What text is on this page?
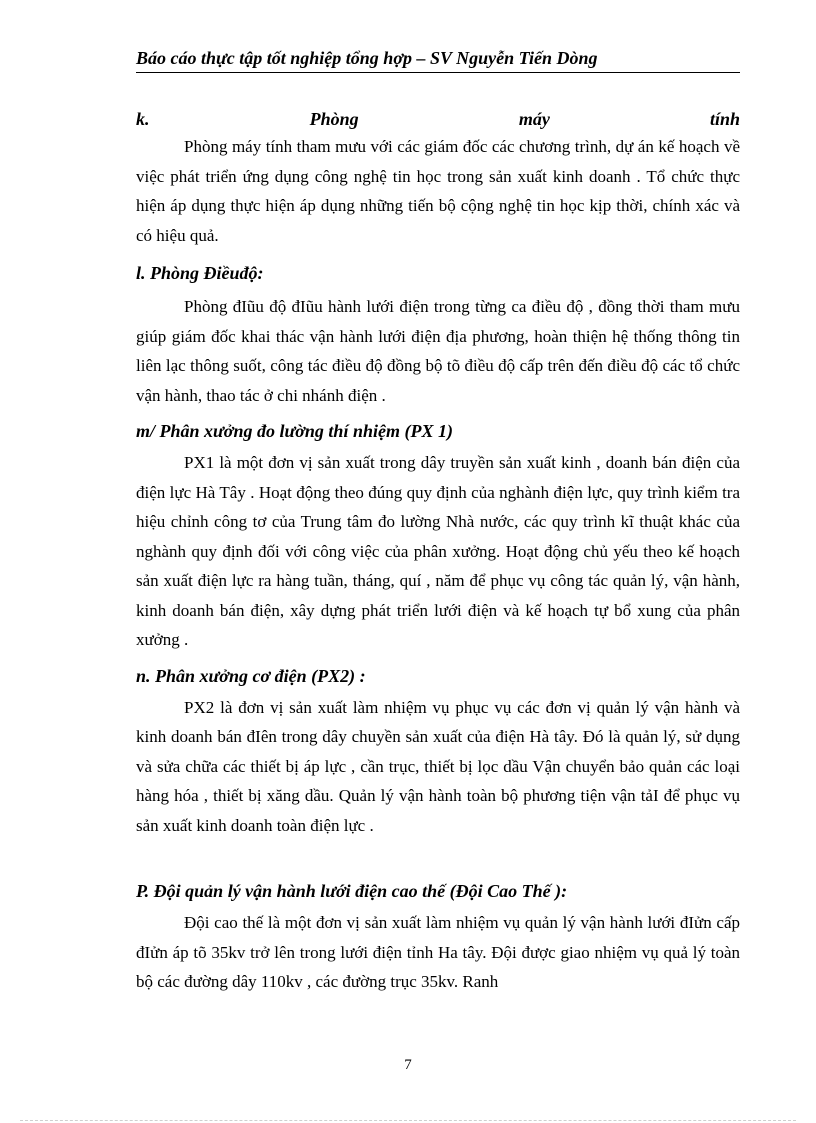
Báo cáo thực tập tốt nghiệp tổng hợp – SV Nguyễn Tiến Dòng
k.	Phòng	máy	tính

Phòng máy tính tham mưu với các giám đốc các chương trình, dự án kế hoạch về việc phát triển ứng dụng công nghệ tin học trong sản xuất kinh doanh . Tổ chức thực hiện áp dụng thực hiện áp dụng những tiến bộ cộng nghệ tin học kịp thời, chính xác và có hiệu quả.

l. Phòng Điềuđộ:

Phòng đIũu độ đIũu hành lưới điện trong từng ca điều độ , đồng thời tham mưu giúp giám đốc khai thác vận hành lưới điện địa phương, hoàn thiện hệ thống thông tin liên lạc thông suốt, công tác điều độ đồng bộ tõ điều độ cấp trên đến điều độ các tổ chức vận hành, thao tác ở chi nhánh điện .

m/ Phân xưởng đo lường thí nhiệm (PX 1)

PX1 là một đơn vị sản xuất trong dây truyền sản xuất kinh , doanh bán điện của điện lực Hà Tây . Hoạt động theo đúng quy định của nghành điện lực, quy trình kiểm tra hiệu chỉnh công tơ của Trung tâm đo lường Nhà nước, các quy trình kĩ thuật khác của nghành quy định đối với công việc của phân xưởng. Hoạt động chủ yếu theo kế hoạch sản xuất điện lực ra hàng tuần, tháng, quí , năm để phục vụ công tác quản lý, vận hành, kinh doanh bán điện, xây dựng phát triển lưới điện và kế hoạch tự bổ xung của phân xưởng .

n. Phân xưởng cơ điện (PX2) :

PX2 là đơn vị sản xuất làm nhiệm vụ phục vụ các đơn vị quản lý vận hành và kinh doanh bán đIên trong dây chuyền sản xuất của điện Hà tây. Đó là quản lý, sử dụng và sửa chữa các thiết bị áp lực , cần trục, thiết bị lọc dầu Vận chuyển bảo quản các loại hàng hóa , thiết bị xăng dầu. Quản lý vận hành toàn bộ phương tiện vận tảI để phục vụ sản xuất kinh doanh toàn điện lực .

P. Đội quản lý vận hành lưới điện cao thế (Đội Cao Thế ):

Đội cao thế là một đơn vị sản xuất làm nhiệm vụ quản lý vận hành lưới đIửn cấp đIửn áp tõ 35kv trở lên trong lưới điện tỉnh Ha tây. Đội được giao nhiệm vụ quả lý toàn bộ các đường dây 110kv , các đường trục 35kv. Ranh

7
